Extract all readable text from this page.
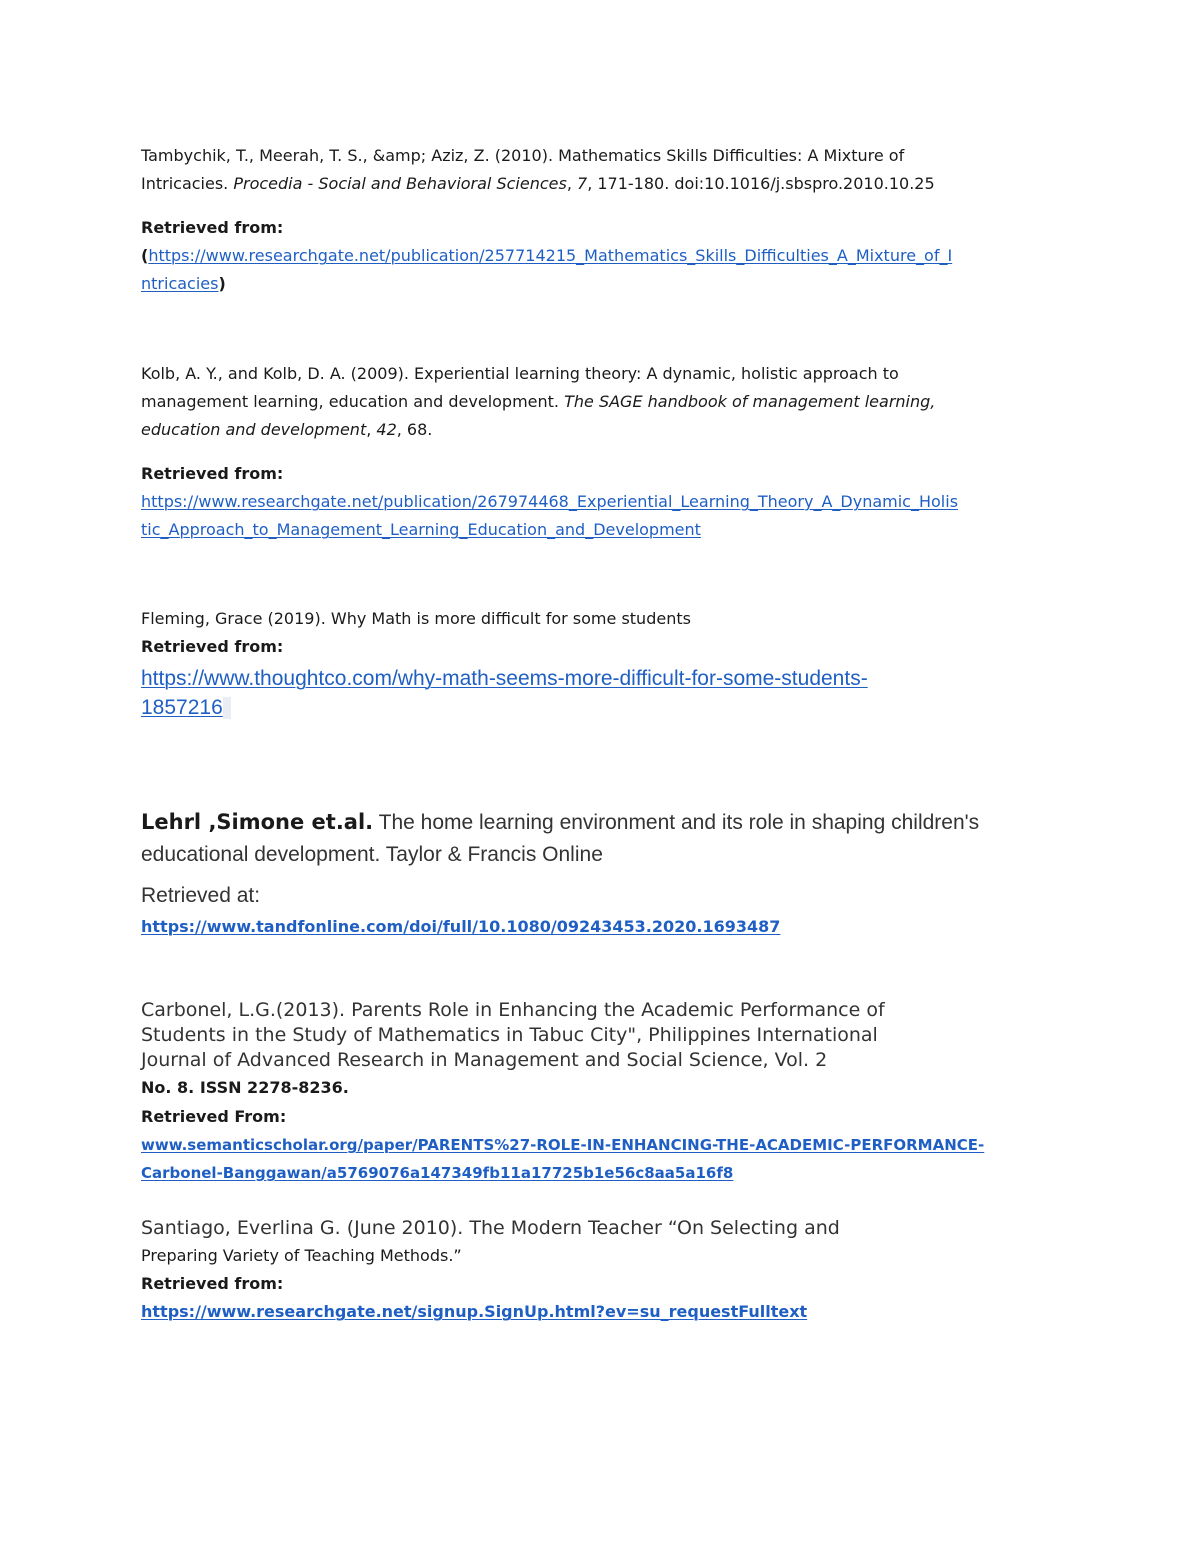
Tambychik, T., Meerah, T. S., &amp; Aziz, Z. (2010). Mathematics Skills Difficulties: A Mixture of
Intricacies. Procedia - Social and Behavioral Sciences, 7, 171-180. doi:10.1016/j.sbspro.2010.10.25
Retrieved from:
(https://www.researchgate.net/publication/257714215_Mathematics_Skills_Difficulties_A_Mixture_of_I
ntricacies)
Kolb, A. Y., and Kolb, D. A. (2009). Experiential learning theory: A dynamic, holistic approach to
management learning, education and development. The SAGE handbook of management learning,
education and development, 42, 68.
Retrieved from:
https://www.researchgate.net/publication/267974468_Experiential_Learning_Theory_A_Dynamic_Holis
tic_Approach_to_Management_Learning_Education_and_Development
Fleming, Grace (2019). Why Math is more difficult for some students
Retrieved from:
https://www.thoughtco.com/why-math-seems-more-difficult-for-some-students-
1857216
Lehrl ,Simone et.al. The home learning environment and its role in shaping children's
educational development. Taylor & Francis Online
Retrieved at:
https://www.tandfonline.com/doi/full/10.1080/09243453.2020.1693487
Carbonel, L.G.(2013). Parents Role in Enhancing the Academic Performance of
Students in the Study of Mathematics in Tabuc City", Philippines International
Journal of Advanced Research in Management and Social Science, Vol. 2
No. 8. ISSN 2278-8236.
Retrieved From:
www.semanticscholar.org/paper/PARENTS%27-ROLE-IN-ENHANCING-THE-ACADEMIC-PERFORMANCE-
Carbonel-Banggawan/a5769076a147349fb11a17725b1e56c8aa5a16f8
Santiago, Everlina G. (June 2010). The Modern Teacher “On Selecting and
Preparing Variety of Teaching Methods.”
Retrieved from:
https://www.researchgate.net/signup.SignUp.html?ev=su_requestFulltext
